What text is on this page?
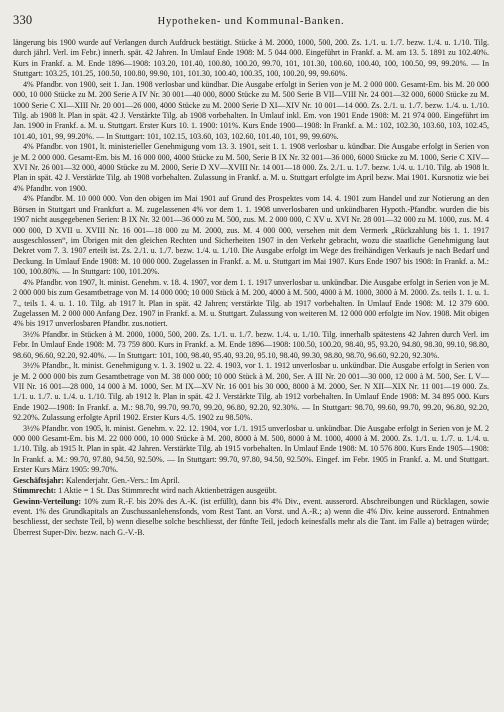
330	Hypotheken- und Kommunal-Banken.

längerung bis 1900 wurde auf Verlangen durch Aufdruck bestätigt. Stücke à M. 2000, 1000, 500, 200. Zs. 1./1. u. 1./7. bezw. 1./4. u. 1./10. Tilg. durch jährl. Verl. im Febr.) innerh. spät. 42 Jahren. In Umlauf Ende 1908: M. 5 044 000. Eingeführt in Frankf. a. M. am 13. 5. 1891 zu 102.40%. Kurs in Frankf. a. M. Ende 1896—1908: 103.20, 101.40, 100.80, 100.20, 99.70, 101, 101.30, 100.60, 100.40, 100, 100.50, 99, 99.20%. — In Stuttgart: 103.25, 101.25, 100.50, 100.80, 99.90, 101, 101.30, 100.40, 100.35, 100, 100.20, 99, 99.60%.

4% Pfandbr. von 1900, seit 1. Jan. 1908 verlosbar und kündbar. Die Ausgabe erfolgt in Serien von je M. 2 000 000. Gesamt-Em. bis M. 20 000 000, 10 000 Stücke zu M. 200 Serie A IV Nr. 30 001—40 000, 8000 Stücke zu M. 500 Serie B VII—VIII Nr. 24 001—32 000, 6000 Stücke zu M. 1000 Serie C XI—XIII Nr. 20 001—26 000, 4000 Stücke zu M. 2000 Serie D XI—XIV Nr. 10 001—14 000. Zs. 2./1. u. 1./7. bezw. 1./4. u. 1./10. Tilg. ab 1908 lt. Plan in spät. 42 J. Verstärkte Tilg. ab 1908 vorbehalten. In Umlauf inkl. Em. von 1901 Ende 1908: M. 21 974 000. Eingeführt im Jan. 1900 in Frankf. a. M. u. Stuttgart. Erster Kurs 10. 1. 1900: 101%. Kurs Ende 1900—1908: In Frankf. a. M.: 102, 102.30, 103.60, 103, 102.45, 101.40, 101, 99, 99.20%. — In Stuttgart: 101, 102.15, 103.60, 103, 102.60, 101.40, 101, 99, 99.60%.

4% Pfandbr. von 1901, lt. ministerieller Genehmigung vom 13. 3. 1901, seit 1. 1. 1908 verlosbar u. kündbar. Die Ausgabe erfolgt in Serien von je M. 2 000 000. Gesamt-Em. bis M. 16 000 000, 4000 Stücke zu M. 500, Serie B IX Nr. 32 001—36 000, 6000 Stücke zu M. 1000, Serie C XIV—XVI Nr. 26 001—32 000, 4000 Stücke zu M. 2000, Serie D XV—XVIII Nr. 14 001—18 000. Zs. 2./1. u. 1./7. bezw. 1./4. u. 1./10. Tilg. ab 1908 lt. Plan in spät. 42 J. Verstärkte Tilg. ab 1908 vorbehalten. Zulassung in Frankf. a. M. u. Stuttgart erfolgte im April bezw. Mai 1901. Kursnotiz wie bei 4% Pfandbr. von 1900.

4% Pfandbr. M. 10 000 000. Von den obigen im Mai 1901 auf Grund des Prospektes vom 14. 4. 1901 zum Handel und zur Notierung an den Börsen in Stuttgart und Frankfurt a. M. zugelassenen 4% vor dem 1. 1. 1908 unverlosbaren und unkündbaren Hypoth.-Pfandbr. wurden die bis 1907 nicht ausgegebenen Serien: B IX Nr. 32 001—36 000 zu M. 500, zus. M. 2 000 000, C XV u. XVI Nr. 28 001—32 000 zu M. 1000, zus. M. 4 000 000, D XVII u. XVIII Nr. 16 001—18 000 zu M. 2000, zus. M. 4 000 000, versehen mit dem Vermerk „Rückzahlung bis 1. 1. 1917 ausgeschlossen“, im Übrigen mit den gleichen Rechten und Sicherheiten 1907 in den Verkehr gebracht, wozu die staatliche Genehmigung laut Dekret vom 7. 3. 1907 erteilt ist. Zs. 2./1. u. 1./7. bezw. 1./4. u. 1./10. Die Ausgabe erfolgt im Wege des freihändigen Verkaufs je nach Bedarf und Deckung. In Umlauf Ende 1908: M. 10 000 000. Zugelassen in Frankf. a. M. u. Stuttgart im Mai 1907. Kurs Ende 1907 bis 1908: In Frankf. a. M.: 100, 100.80%. — In Stuttgart: 100, 101.20%.

4% Pfandbr. von 1907, lt. minist. Genehm. v. 18. 4. 1907, vor dem 1. 1. 1917 unverlosbar u. unkündbar. Die Ausgabe erfolgt in Serien von je M. 2 000 000 bis zum Gesamtbetrage von M. 14 000 000; 10 000 Stück à M. 200, 4000 à M. 500, 4000 à M. 1000, 3000 à M. 2000. Zs. teils 1. 1. u. 1. 7., teils 1. 4. u. 1. 10. Tilg. ab 1917 lt. Plan in spät. 42 Jahren; verstärkte Tilg. ab 1917 vorbehalten. In Umlauf Ende 1908: M. 12 379 600. Zugelassen M. 2 000 000 Anfang Dez. 1907 in Frankf. a. M. u. Stuttgart. Zulassung von weiteren M. 12 000 000 erfolgte im Nov. 1908. Mit obigen 4% bis 1917 unverlosbaren Pfandbr. zus.notiert.

3½% Pfandbr. in Stücken à M. 2000, 1000, 500, 200. Zs. 1./1. u. 1./7. bezw. 1./4. u. 1./10. Tilg. innerhalb spätestens 42 Jahren durch Verl. im Febr. In Umlauf Ende 1908: M. 73 759 800. Kurs in Frankf. a. M. Ende 1896—1908: 100.50, 100.20, 98.40, 95, 93.20, 94.80, 98.30, 99.10, 98.80, 98.60, 96.60, 92.20, 92.40%. — In Stuttgart: 101, 100, 98.40, 95.40, 93.20, 95.10, 98.40, 99.30, 98.80, 98.70, 96.60, 92.20, 92.30%.

3½% Pfandbr., lt. minist. Genehmigung v. 1. 3. 1902 u. 22. 4. 1903, vor 1. 1. 1912 unverlosbar u. unkündbar. Die Ausgabe erfolgt in Serien von je M. 2 000 000 bis zum Gesamtbetrage von M. 38 000 000; 10 000 Stück à M. 200, Ser. A III Nr. 20 001—30 000, 12 000 à M. 500, Ser. L V—VII Nr. 16 001—28 000, 14 000 à M. 1000, Ser. M IX—XV Nr. 16 001 bis 30 000, 8000 à M. 2000, Ser. N XII—XIX Nr. 11 001—19 000. Zs. 1./1. u. 1./7. u. 1./4. u. 1./10. Tilg. ab 1912 lt. Plan in spät. 42 J. Verstärkte Tilg. ab 1912 vorbehalten. In Umlauf Ende 1908: M. 34 895 000. Kurs Ende 1902—1908: In Frankf. a. M.: 98.70, 99.70, 99.70, 99.20, 96.80, 92.20, 92.30%. — In Stuttgart: 98.70, 99.60, 99.70, 99.20, 96.80, 92.20, 92.20%. Zulassung erfolgte April 1902. Erster Kurs 4./5. 1902 zu 98.50%.

3½% Pfandbr. von 1905, lt. minist. Genehm. v. 22. 12. 1904, vor 1./1. 1915 unverlosbar u. unkündbar. Die Ausgabe erfolgt in Serien von je M. 2 000 000 Gesamt-Em. bis M. 22 000 000, 10 000 Stücke à M. 200, 8000 à M. 500, 8000 à M. 1000, 4000 à M. 2000. Zs. 1./1. u. 1./7. u. 1./4. u. 1./10. Tilg. ab 1915 lt. Plan in spät. 42 Jahren. Verstärkte Tilg. ab 1915 vorbehalten. In Umlauf Ende 1908: M. 10 576 800. Kurs Ende 1905—1908: In Frankf. a. M.: 99.70, 97.80, 94.50, 92.50%. — In Stuttgart: 99.70, 97.80, 94.50, 92.50%. Eingef. im Febr. 1905 in Frankf. a. M. und Stuttgart. Erster Kurs März 1905: 99.70%.

Geschäftsjahr: Kalenderjahr. Gen.-Vers.: Im April.

Stimmrecht: 1 Aktie = 1 St. Das Stimmrecht wird nach Aktienbeträgen ausgeübt.

Gewinn-Verteilung: 10% zum R.-F. bis 20% des A.-K. (ist erfüllt), dann bis 4% Div., event. ausserord. Abschreibungen und Rücklagen, sowie event. 1% des Grundkapitals an Zuschussanlehensfonds, vom Rest Tant. an Vorst. und A.-R.; a) wenn die 4% Div. keine ausserord. Entnahmen beschliesst, der sechste Teil, b) wenn dieselbe solche beschliesst, der fünfte Teil, jedoch keinesfalls mehr als die Tant. im Falle a) betragen würde; Überrest Super-Div. bezw. nach G.-V.-B.
